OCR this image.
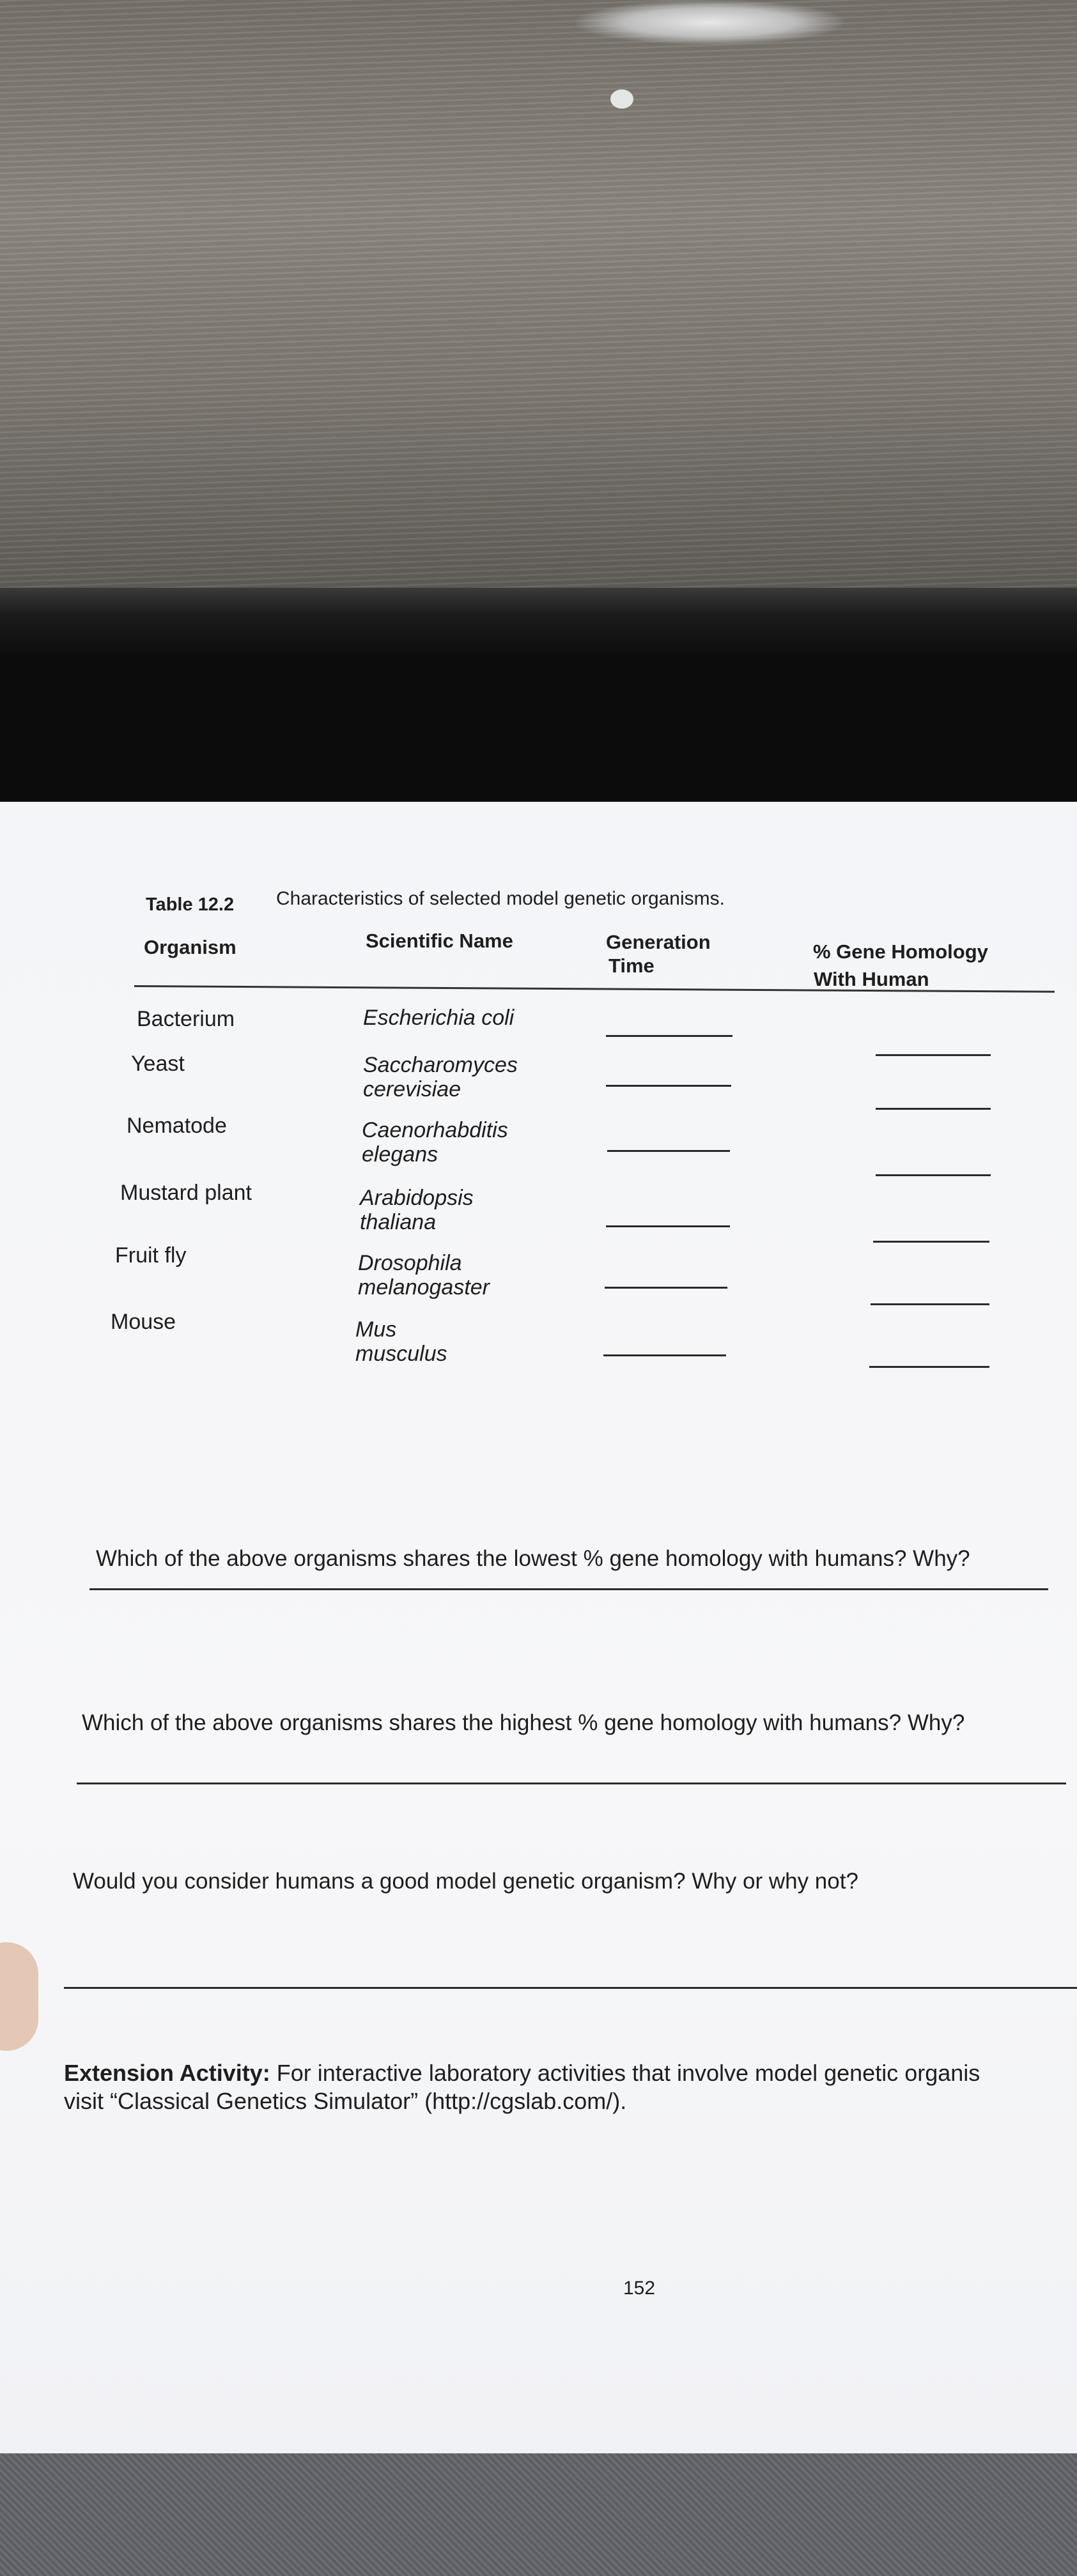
Table 12.2 Characteristics of selected model genetic organisms.
Organism	Scientific Name	Generation
Time
% Gene Homology
With Human
Bacterium	Escherichia coli
Yeast	Saccharomyces
cerevisiae
Nematode	Caenorhabditis
elegans
Mustard plant	Arabidopsis
thaliana
Fruit fly	Drosophila
melanogaster
Mouse	Mus
musculus
Which of the above organisms shares the lowest % gene homology with humans? Why?
Which of the above organisms shares the highest % gene homology with humans? Why?
Would you consider humans a good model genetic organism? Why or why not?
Extension Activity: For interactive laboratory activities that involve model genetic organis
visit “Classical Genetics Simulator” (http://cgslab.com/).
152
